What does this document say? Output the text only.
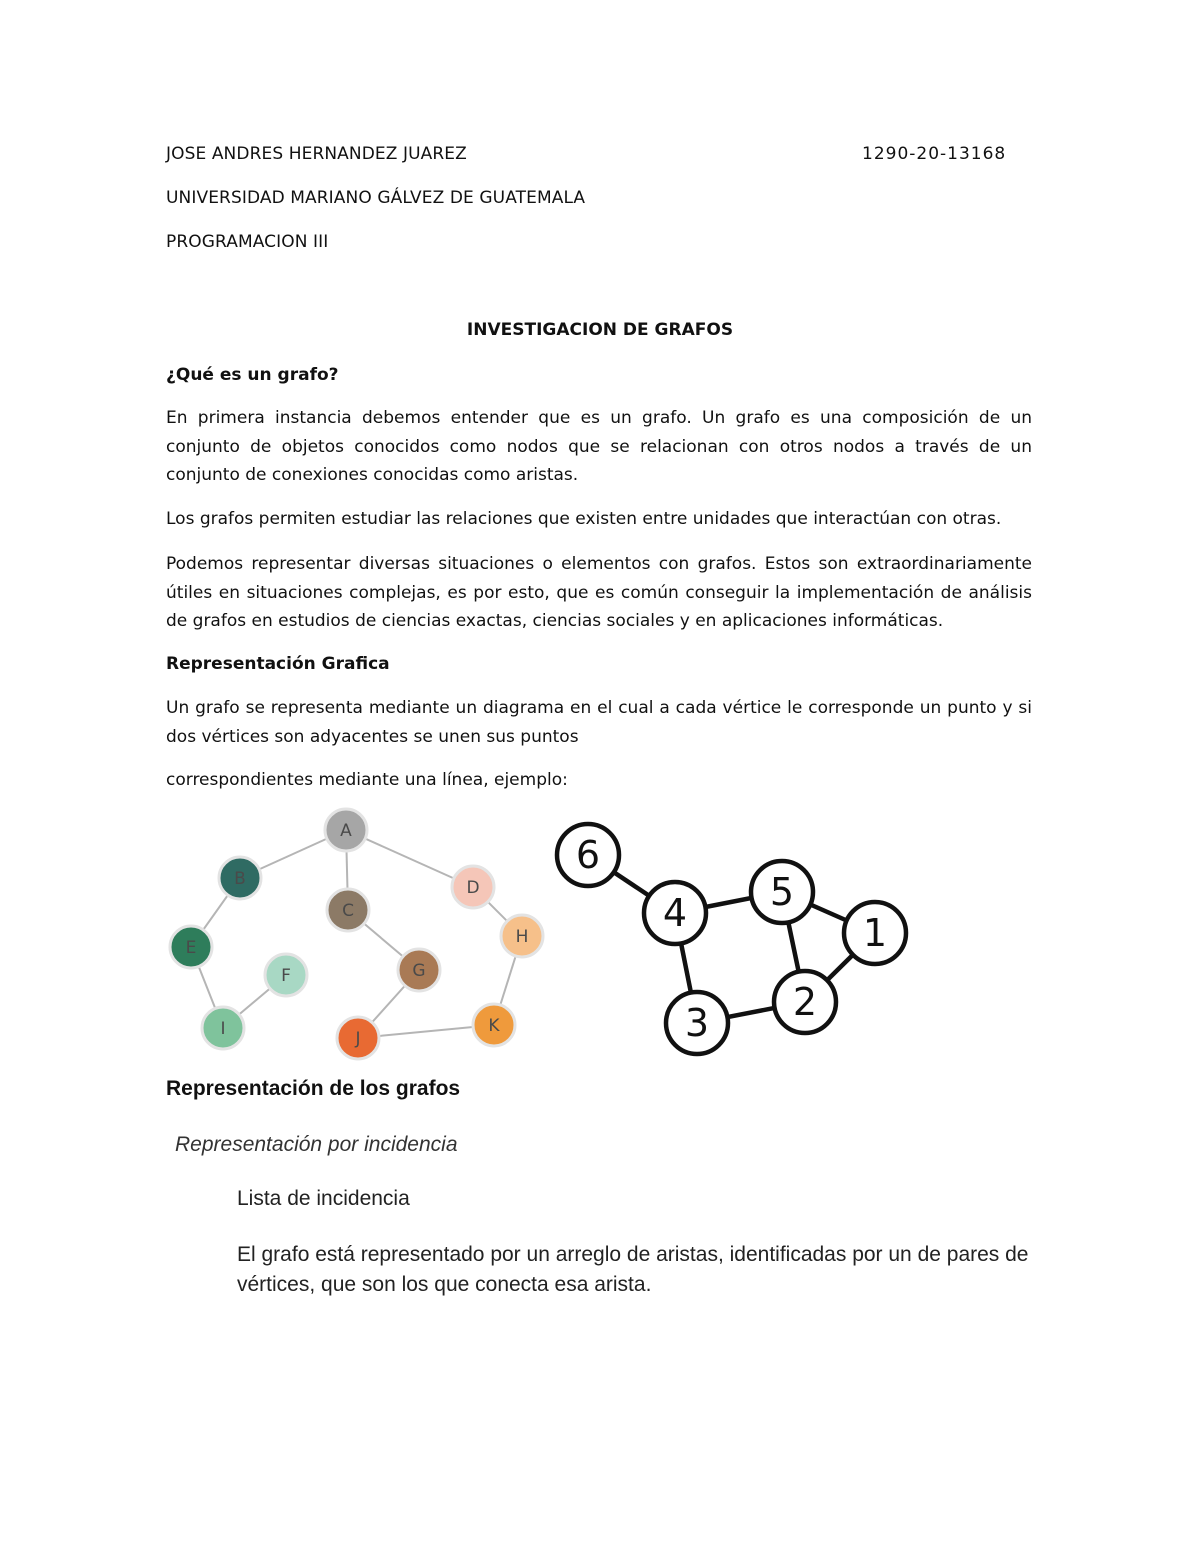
JOSE ANDRES HERNANDEZ JUAREZ	1290-20-13168
UNIVERSIDAD MARIANO GÁLVEZ DE GUATEMALA
PROGRAMACION III
INVESTIGACION DE GRAFOS
¿Qué es un grafo?
En primera instancia debemos entender que es un grafo. Un grafo es una composición de un conjunto de objetos conocidos como nodos que se relacionan con otros nodos a través de un conjunto de conexiones conocidas como aristas.
Los grafos permiten estudiar las relaciones que existen entre unidades que interactúan con otras.
Podemos representar diversas situaciones o elementos con grafos. Estos son extraordinariamente útiles en situaciones complejas, es por esto, que es común conseguir la implementación de análisis de grafos en estudios de ciencias exactas, ciencias sociales y en aplicaciones informáticas.
Representación Grafica
Un grafo se representa mediante un diagrama en el cual a cada vértice le corresponde un punto y si dos vértices son adyacentes se unen sus puntos
correspondientes mediante una línea, ejemplo:
A
B
C
D
E
F	G
H
I	J
K
6
4 5
1
2
3
Representación de los grafos
Representación por incidencia
Lista de incidencia
El grafo está representado por un arreglo de aristas, identificadas por un de pares de vértices, que son los que conecta esa arista.
